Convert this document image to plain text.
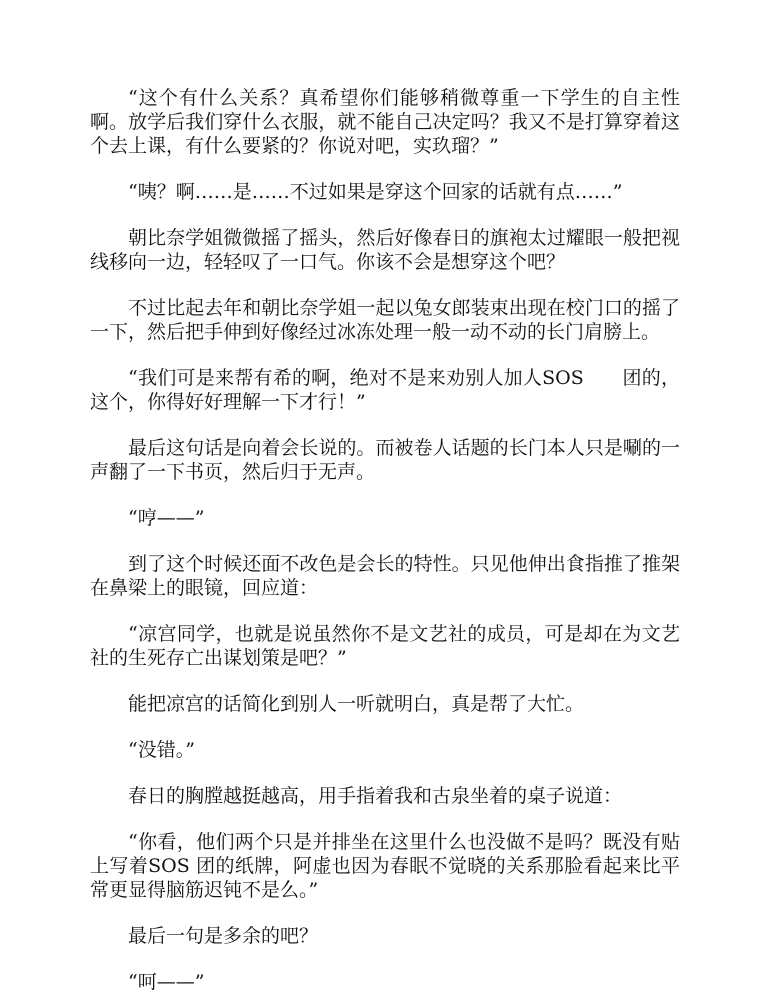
“这个有什么关系？真希望你们能够稍微尊重一下学生的自主性啊。放学后我们穿什么衣服，就不能自己决定吗？我又不是打算穿着这个去上课，有什么要紧的？你说对吧，实玖瑠？”

“咦？啊……是……不过如果是穿这个回家的话就有点……”

朝比奈学姐微微摇了摇头，然后好像春日的旗袍太过耀眼一般把视线移向一边，轻轻叹了一口气。你该不会是想穿这个吧？

不过比起去年和朝比奈学姐一起以兔女郎装束出现在校门口的摇了一下，然后把手伸到好像经过冰冻处理一般一动不动的长门肩膀上。

“我们可是来帮有希的啊，绝对不是来劝别人加人SOS　　团的，这个，你得好好理解一下才行！”

最后这句话是向着会长说的。而被卷人话题的长门本人只是唰的一声翻了一下书页，然后归于无声。

“哼——”

到了这个时候还面不改色是会长的特性。只见他伸出食指推了推架在鼻梁上的眼镜，回应道：

“凉宫同学，也就是说虽然你不是文艺社的成员，可是却在为文艺社的生死存亡出谋划策是吧？”

能把凉宫的话简化到别人一听就明白，真是帮了大忙。

“没错。”

春日的胸膛越挺越高，用手指着我和古泉坐着的桌子说道：

“你看，他们两个只是并排坐在这里什么也没做不是吗？既没有贴上写着SOS 团的纸牌，阿虚也因为春眠不觉晓的关系那脸看起来比平常更显得脑筋迟钝不是么。”

最后一句是多余的吧？

“呵——”
